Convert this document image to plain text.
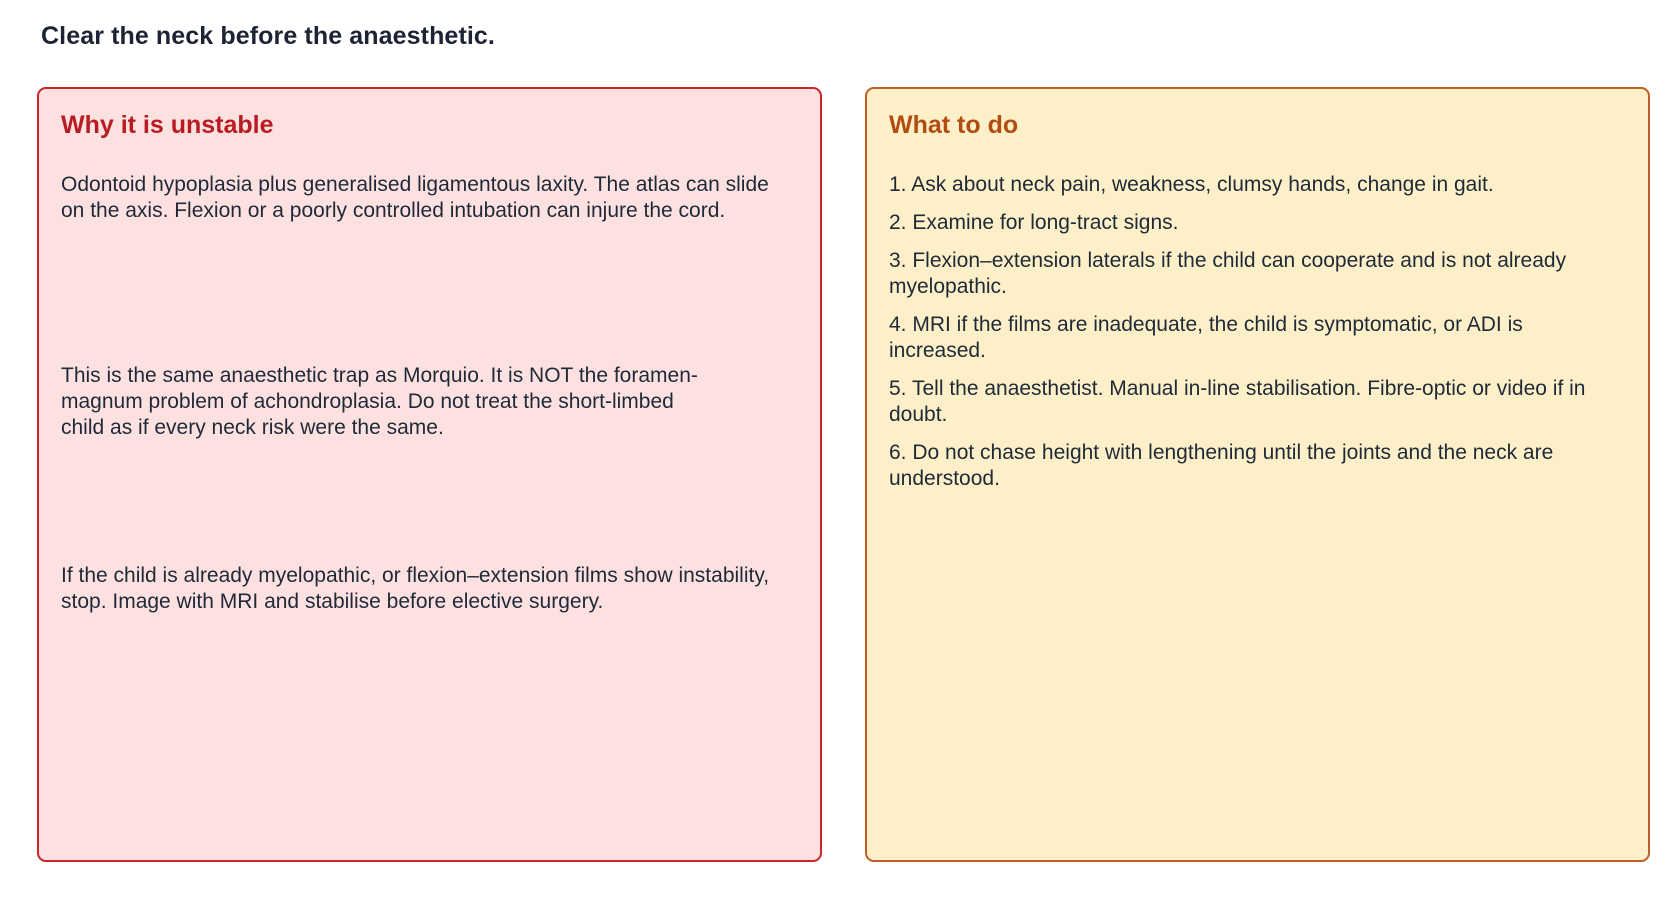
Clear the neck before the anaesthetic.
Why it is unstable

Odontoid hypoplasia plus generalised ligamentous laxity. The atlas can slide on the axis. Flexion or a poorly controlled intubation can injure the cord.

This is the same anaesthetic trap as Morquio. It is NOT the foramen-magnum problem of achondroplasia. Do not treat the short-limbed child as if every neck risk were the same.

If the child is already myelopathic, or flexion–extension films show instability, stop. Image with MRI and stabilise before elective surgery.

What to do
1. Ask about neck pain, weakness, clumsy hands, change in gait.
2. Examine for long-tract signs.
3. Flexion–extension laterals if the child can cooperate and is not already myelopathic.
4. MRI if the films are inadequate, the child is symptomatic, or ADI is increased.
5. Tell the anaesthetist. Manual in-line stabilisation. Fibre-optic or video if in doubt.
6. Do not chase height with lengthening until the joints and the neck are understood.
